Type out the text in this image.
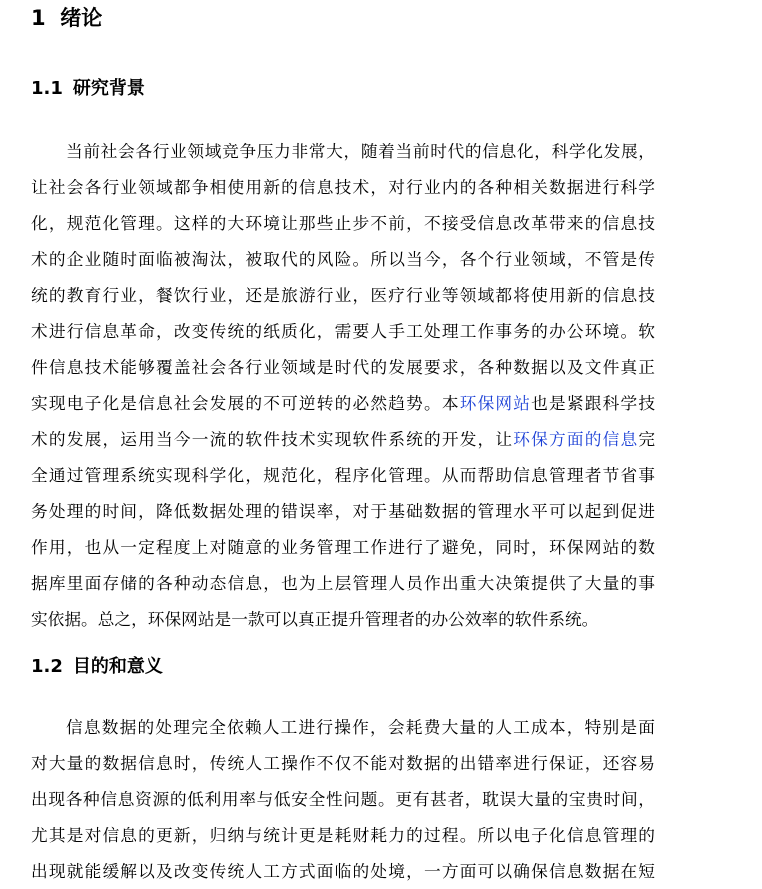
1 绪论
1.1 研究背景
当前社会各行业领域竞争压力非常大，随着当前时代的信息化，科学化发展，
让社会各行业领域都争相使用新的信息技术，对行业内的各种相关数据进行科学
化，规范化管理。这样的大环境让那些止步不前，不接受信息改革带来的信息技
术的企业随时面临被淘汰，被取代的风险。所以当今，各个行业领域，不管是传
统的教育行业，餐饮行业，还是旅游行业，医疗行业等领域都将使用新的信息技
术进行信息革命，改变传统的纸质化，需要人手工处理工作事务的办公环境。软
件信息技术能够覆盖社会各行业领域是时代的发展要求，各种数据以及文件真正
实现电子化是信息社会发展的不可逆转的必然趋势。本环保网站也是紧跟科学技
术的发展，运用当今一流的软件技术实现软件系统的开发，让环保方面的信息完
全通过管理系统实现科学化，规范化，程序化管理。从而帮助信息管理者节省事
务处理的时间，降低数据处理的错误率，对于基础数据的管理水平可以起到促进
作用，也从一定程度上对随意的业务管理工作进行了避免，同时，环保网站的数
据库里面存储的各种动态信息，也为上层管理人员作出重大决策提供了大量的事
实依据。总之，环保网站是一款可以真正提升管理者的办公效率的软件系统。
1.2 目的和意义
信息数据的处理完全依赖人工进行操作，会耗费大量的人工成本，特别是面
对大量的数据信息时，传统人工操作不仅不能对数据的出错率进行保证，还容易
出现各种信息资源的低利用率与低安全性问题。更有甚者，耽误大量的宝贵时间，
尤其是对信息的更新，归纳与统计更是耗财耗力的过程。所以电子化信息管理的
出现就能缓解以及改变传统人工方式面临的处境，一方面可以确保信息数据在短
